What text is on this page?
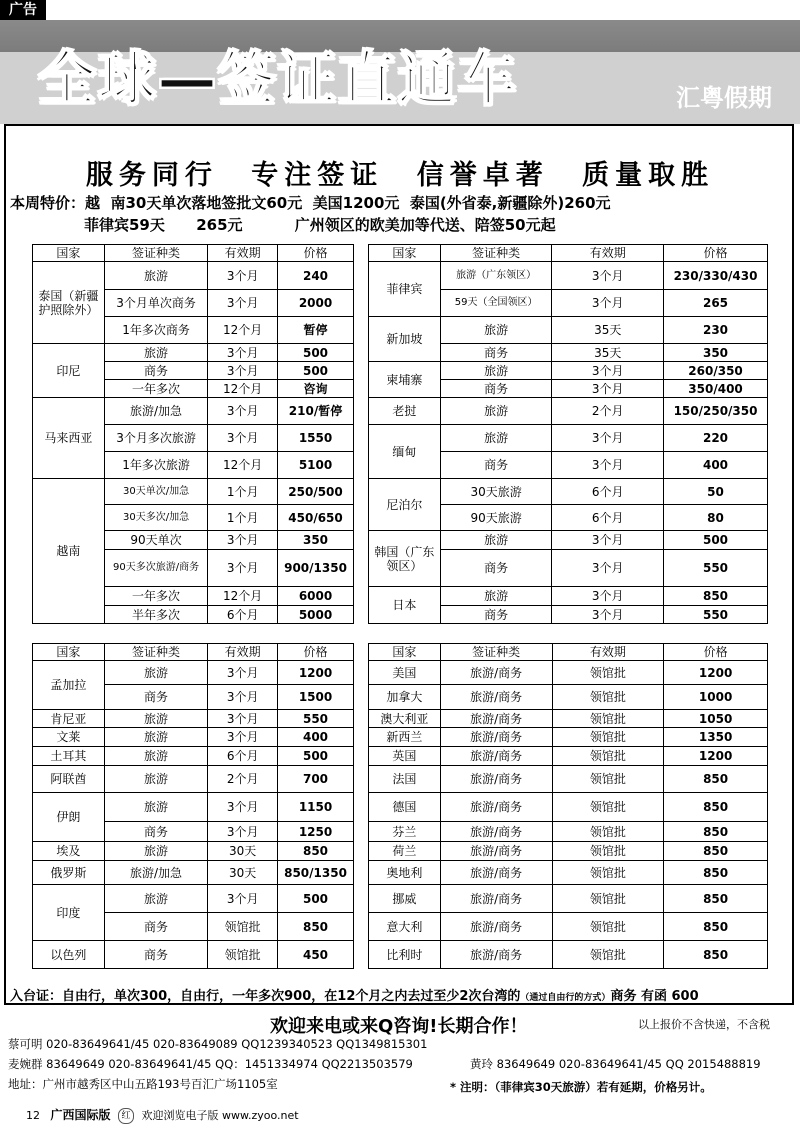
广告
全球—签证直通车	汇粤假期
服务同行 专注签证 信誉卓著 质量取胜
本周特价：越  南30天单次落地签批文60元  美国1200元  泰国(外省泰,新疆除外)260元
菲律宾59天      265元          广州领区的欧美加等代送、陪签50元起
国家	签证种类	有效期	价格
泰国（新疆护照除外）	旅游	3个月	240
	3个月单次商务	3个月	2000
	1年多次商务	12个月	暂停
印尼	旅游	3个月	500
	商务	3个月	500
	一年多次	12个月	咨询
马来西亚	旅游/加急	3个月	210/暂停
	3个月多次旅游	3个月	1550
	1年多次旅游	12个月	5100
越南	30天单次/加急	1个月	250/500
	30天多次/加急	1个月	450/650
	90天单次	3个月	350
	90天多次旅游/商务	3个月	900/1350
	一年多次	12个月	6000
	半年多次	6个月	5000
国家	签证种类	有效期	价格
菲律宾	旅游（广东领区）	3个月	230/330/430
	59天（全国领区）	3个月	265
新加坡	旅游	35天	230
	商务	35天	350
柬埔寨	旅游	3个月	260/350
	商务	3个月	350/400
老挝	旅游	2个月	150/250/350
缅甸	旅游	3个月	220
	商务	3个月	400
尼泊尔	30天旅游	6个月	50
	90天旅游	6个月	80
韩国（广东领区）	旅游	3个月	500
	商务	3个月	550
日本	旅游	3个月	850
	商务	3个月	550
国家	签证种类	有效期	价格
孟加拉	旅游	3个月	1200
	商务	3个月	1500
肯尼亚	旅游	3个月	550
文莱	旅游	3个月	400
土耳其	旅游	6个月	500
阿联酋	旅游	2个月	700
伊朗	旅游	3个月	1150
	商务	3个月	1250
埃及	旅游	30天	850
俄罗斯	旅游/加急	30天	850/1350
印度	旅游	3个月	500
	商务	领馆批	850
以色列	商务	领馆批	450
国家	签证种类	有效期	价格
美国	旅游/商务	领馆批	1200
加拿大	旅游/商务	领馆批	1000
澳大利亚	旅游/商务	领馆批	1050
新西兰	旅游/商务	领馆批	1350
英国	旅游/商务	领馆批	1200
法国	旅游/商务	领馆批	850
德国	旅游/商务	领馆批	850
芬兰	旅游/商务	领馆批	850
荷兰	旅游/商务	领馆批	850
奥地利	旅游/商务	领馆批	850
挪威	旅游/商务	领馆批	850
意大利	旅游/商务	领馆批	850
比利时	旅游/商务	领馆批	850
入台证：自由行，单次300，自由行，一年多次900，在12个月之内去过至少2次台湾的（通过自由行的方式）商务 有函 600
欢迎来电或来Q咨询!长期合作！	以上报价不含快递，不含税
蔡可明 020-83649641/45 020-83649089 QQ1239340523 QQ1349815301
麦婉群 83649649 020-83649641/45 QQ：1451334974 QQ2213503579
地址：广州市越秀区中山五路193号百汇广场1105室
黄玲 83649649 020-83649641/45 QQ 2015488819
* 注明：（菲律宾30天旅游）若有延期，价格另计。
12 广西国际版 红 欢迎浏览电子版 www.zyoo.net
